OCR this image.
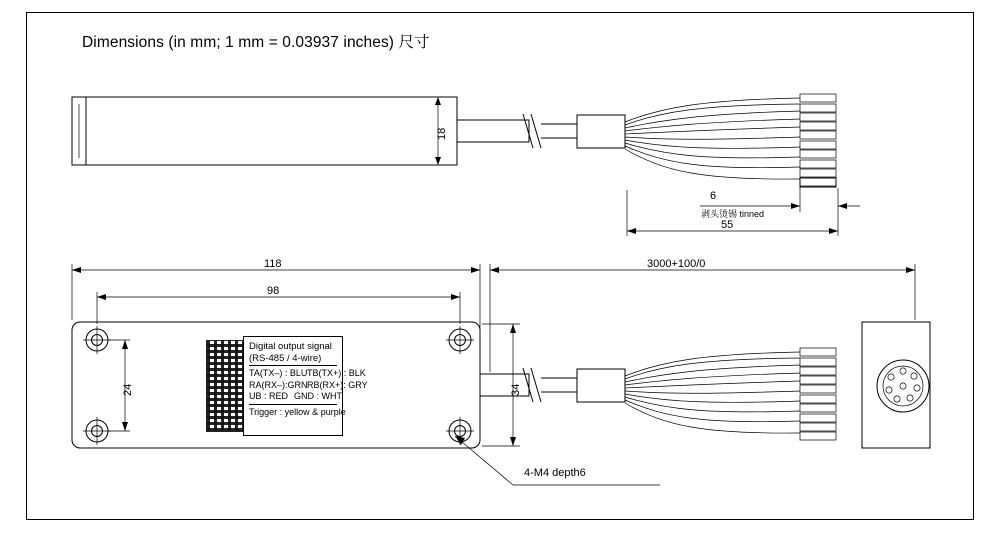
Dimensions (in mm; 1 mm = 0.03937 inches) 尺寸
18
118
98
24	34
3000+100/0
55
6
剥头烫锡 tinned
4-M4 depth6
Digital output signal
(RS-485 / 4-wire)
TA(TX–) : BLU TB(TX+) : BLK
RA(RX–):GRN RB(RX+): GRY
UB : RED GND : WHT
Trigger : yellow & purple
